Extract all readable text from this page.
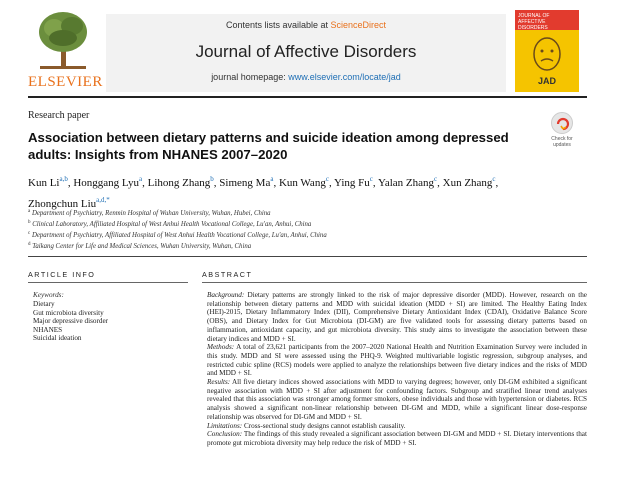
ELSEVIER
Contents lists available at ScienceDirect
Journal of Affective Disorders
journal homepage: www.elsevier.com/locate/jad
JOURNAL OF AFFECTIVE DISORDERS
JAD
Research paper
Check for updates
Association between dietary patterns and suicide ideation among depressed adults: Insights from NHANES 2007–2020
Kun Li$^{a,b}$, Honggang Lyu$^a$, Lihong Zhang$^b$, Simeng Ma$^a$, Kun Wang$^c$, Ying Fu$^c$, Yalan Zhang$^c$, Xun Zhang$^c$, Zhongchun Liu$^{a,d,*}$
$^a$ Department of Psychiatry, Renmin Hospital of Wuhan University, Wuhan, Hubei, China
$^b$ Clinical Laboratory, Affiliated Hospital of West Anhui Health Vocational College, Lu'an, Anhui, China
$^c$ Department of Psychiatry, Affiliated Hospital of West Anhui Health Vocational College, Lu'an, Anhui, China
$^d$ Taikang Center for Life and Medical Sciences, Wuhan University, Wuhan, China
ARTICLE INFO	ABSTRACT
Keywords:
Dietary
Gut microbiota diversity
Major depressive disorder
NHANES
Suicidal ideation

Background: Dietary patterns are strongly linked to the risk of major depressive disorder (MDD). However, research on the relationship between dietary patterns and MDD with suicidal ideation (MDD + SI) are limited. The Healthy Eating Index (HEI)-2015, Dietary Inflammatory Index (DII), Comprehensive Dietary Antioxidant Index (CDAI), Oxidative Balance Score (OBS), and Dietary Index for Gut Microbiota (DI-GM) are five validated tools for assessing dietary patterns based on inflammation, antioxidant capacity, and gut microbiota diversity. This study aims to investigate the association between these dietary indices and MDD + SI.

Methods: A total of 23,621 participants from the 2007–2020 National Health and Nutrition Examination Survey were included in this study. MDD and SI were assessed using the PHQ-9. Weighted multivariable logistic regression, subgroup analyses, and restricted cubic spline (RCS) models were applied to analyze the relationships between five dietary indices and the risks of MDD and MDD + SI.

Results: All five dietary indices showed associations with MDD to varying degrees; however, only DI-GM exhibited a significant negative association with MDD + SI after adjustment for confounding factors. Subgroup and stratified linear trend analyses revealed that this association was stronger among former smokers, obese individuals and those with hypertension or diabetes. RCS analysis showed a significant non-linear relationship between DI-GM and MDD, while a significant linear dose-response relationship was observed for DI-GM and MDD + SI.

Limitations: Cross-sectional study designs cannot establish causality.

Conclusion: The findings of this study revealed a significant association between DI-GM and MDD + SI. Dietary interventions that promote gut microbiota diversity may help reduce the risk of MDD + SI.
